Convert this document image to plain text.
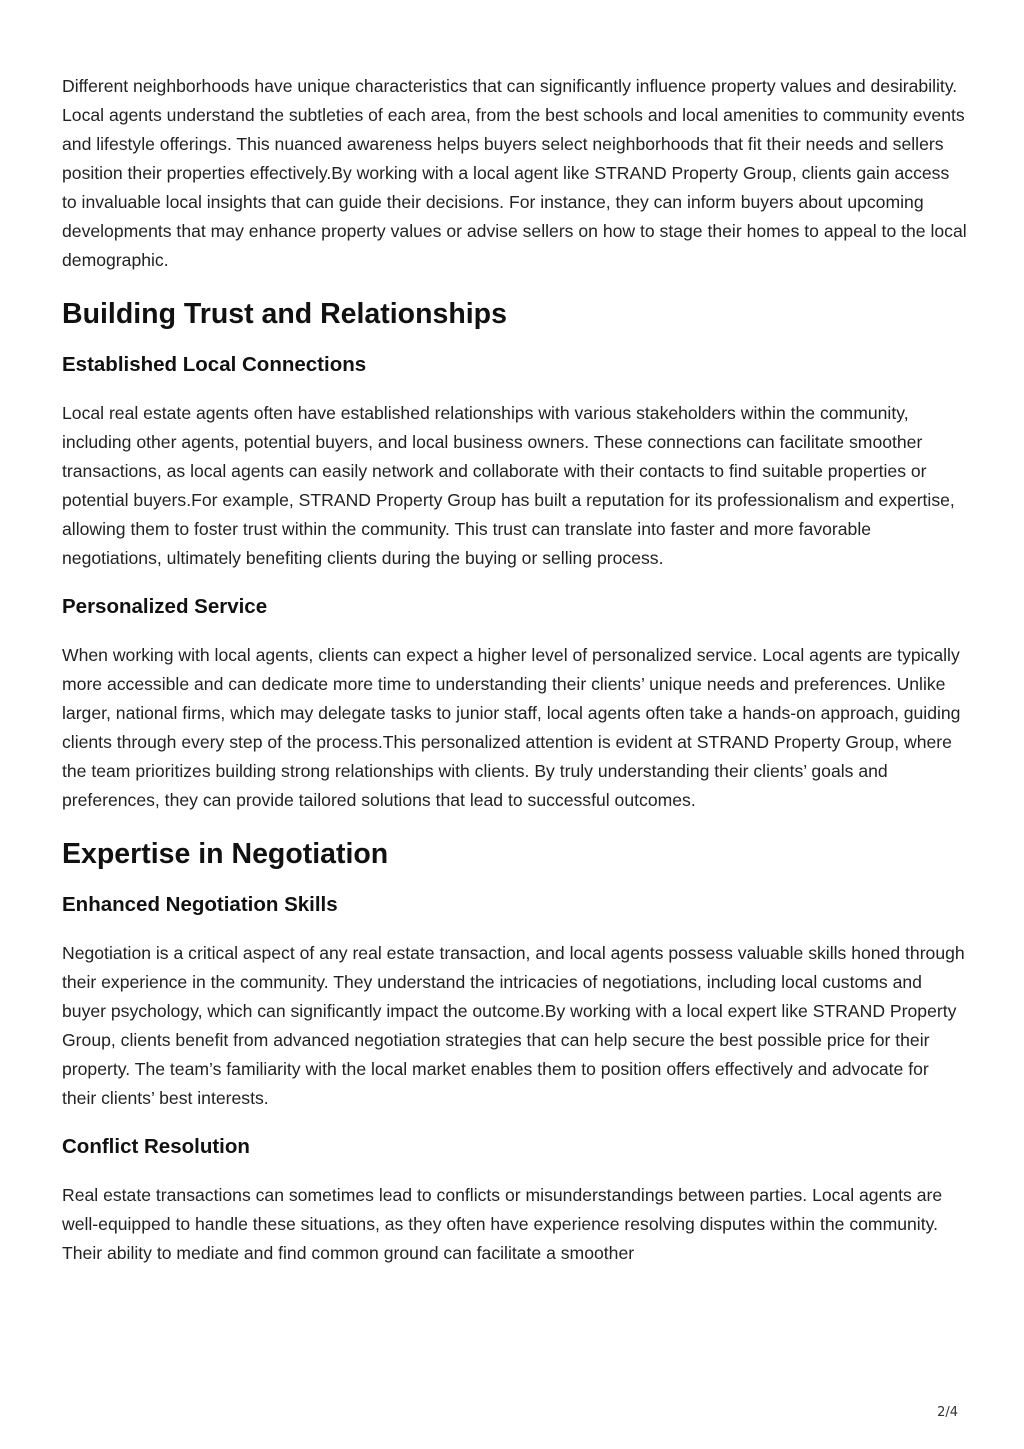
Different neighborhoods have unique characteristics that can significantly influence property values and desirability. Local agents understand the subtleties of each area, from the best schools and local amenities to community events and lifestyle offerings. This nuanced awareness helps buyers select neighborhoods that fit their needs and sellers position their properties effectively.By working with a local agent like STRAND Property Group, clients gain access to invaluable local insights that can guide their decisions. For instance, they can inform buyers about upcoming developments that may enhance property values or advise sellers on how to stage their homes to appeal to the local demographic.

Building Trust and Relationships
Established Local Connections

Local real estate agents often have established relationships with various stakeholders within the community, including other agents, potential buyers, and local business owners. These connections can facilitate smoother transactions, as local agents can easily network and collaborate with their contacts to find suitable properties or potential buyers.For example, STRAND Property Group has built a reputation for its professionalism and expertise, allowing them to foster trust within the community. This trust can translate into faster and more favorable negotiations, ultimately benefiting clients during the buying or selling process.

Personalized Service

When working with local agents, clients can expect a higher level of personalized service. Local agents are typically more accessible and can dedicate more time to understanding their clients’ unique needs and preferences. Unlike larger, national firms, which may delegate tasks to junior staff, local agents often take a hands-on approach, guiding clients through every step of the process.This personalized attention is evident at STRAND Property Group, where the team prioritizes building strong relationships with clients. By truly understanding their clients’ goals and preferences, they can provide tailored solutions that lead to successful outcomes.

Expertise in Negotiation
Enhanced Negotiation Skills

Negotiation is a critical aspect of any real estate transaction, and local agents possess valuable skills honed through their experience in the community. They understand the intricacies of negotiations, including local customs and buyer psychology, which can significantly impact the outcome.By working with a local expert like STRAND Property Group, clients benefit from advanced negotiation strategies that can help secure the best possible price for their property. The team’s familiarity with the local market enables them to position offers effectively and advocate for their clients’ best interests.

Conflict Resolution

Real estate transactions can sometimes lead to conflicts or misunderstandings between parties. Local agents are well-equipped to handle these situations, as they often have experience resolving disputes within the community. Their ability to mediate and find common ground can facilitate a smoother

2/4
